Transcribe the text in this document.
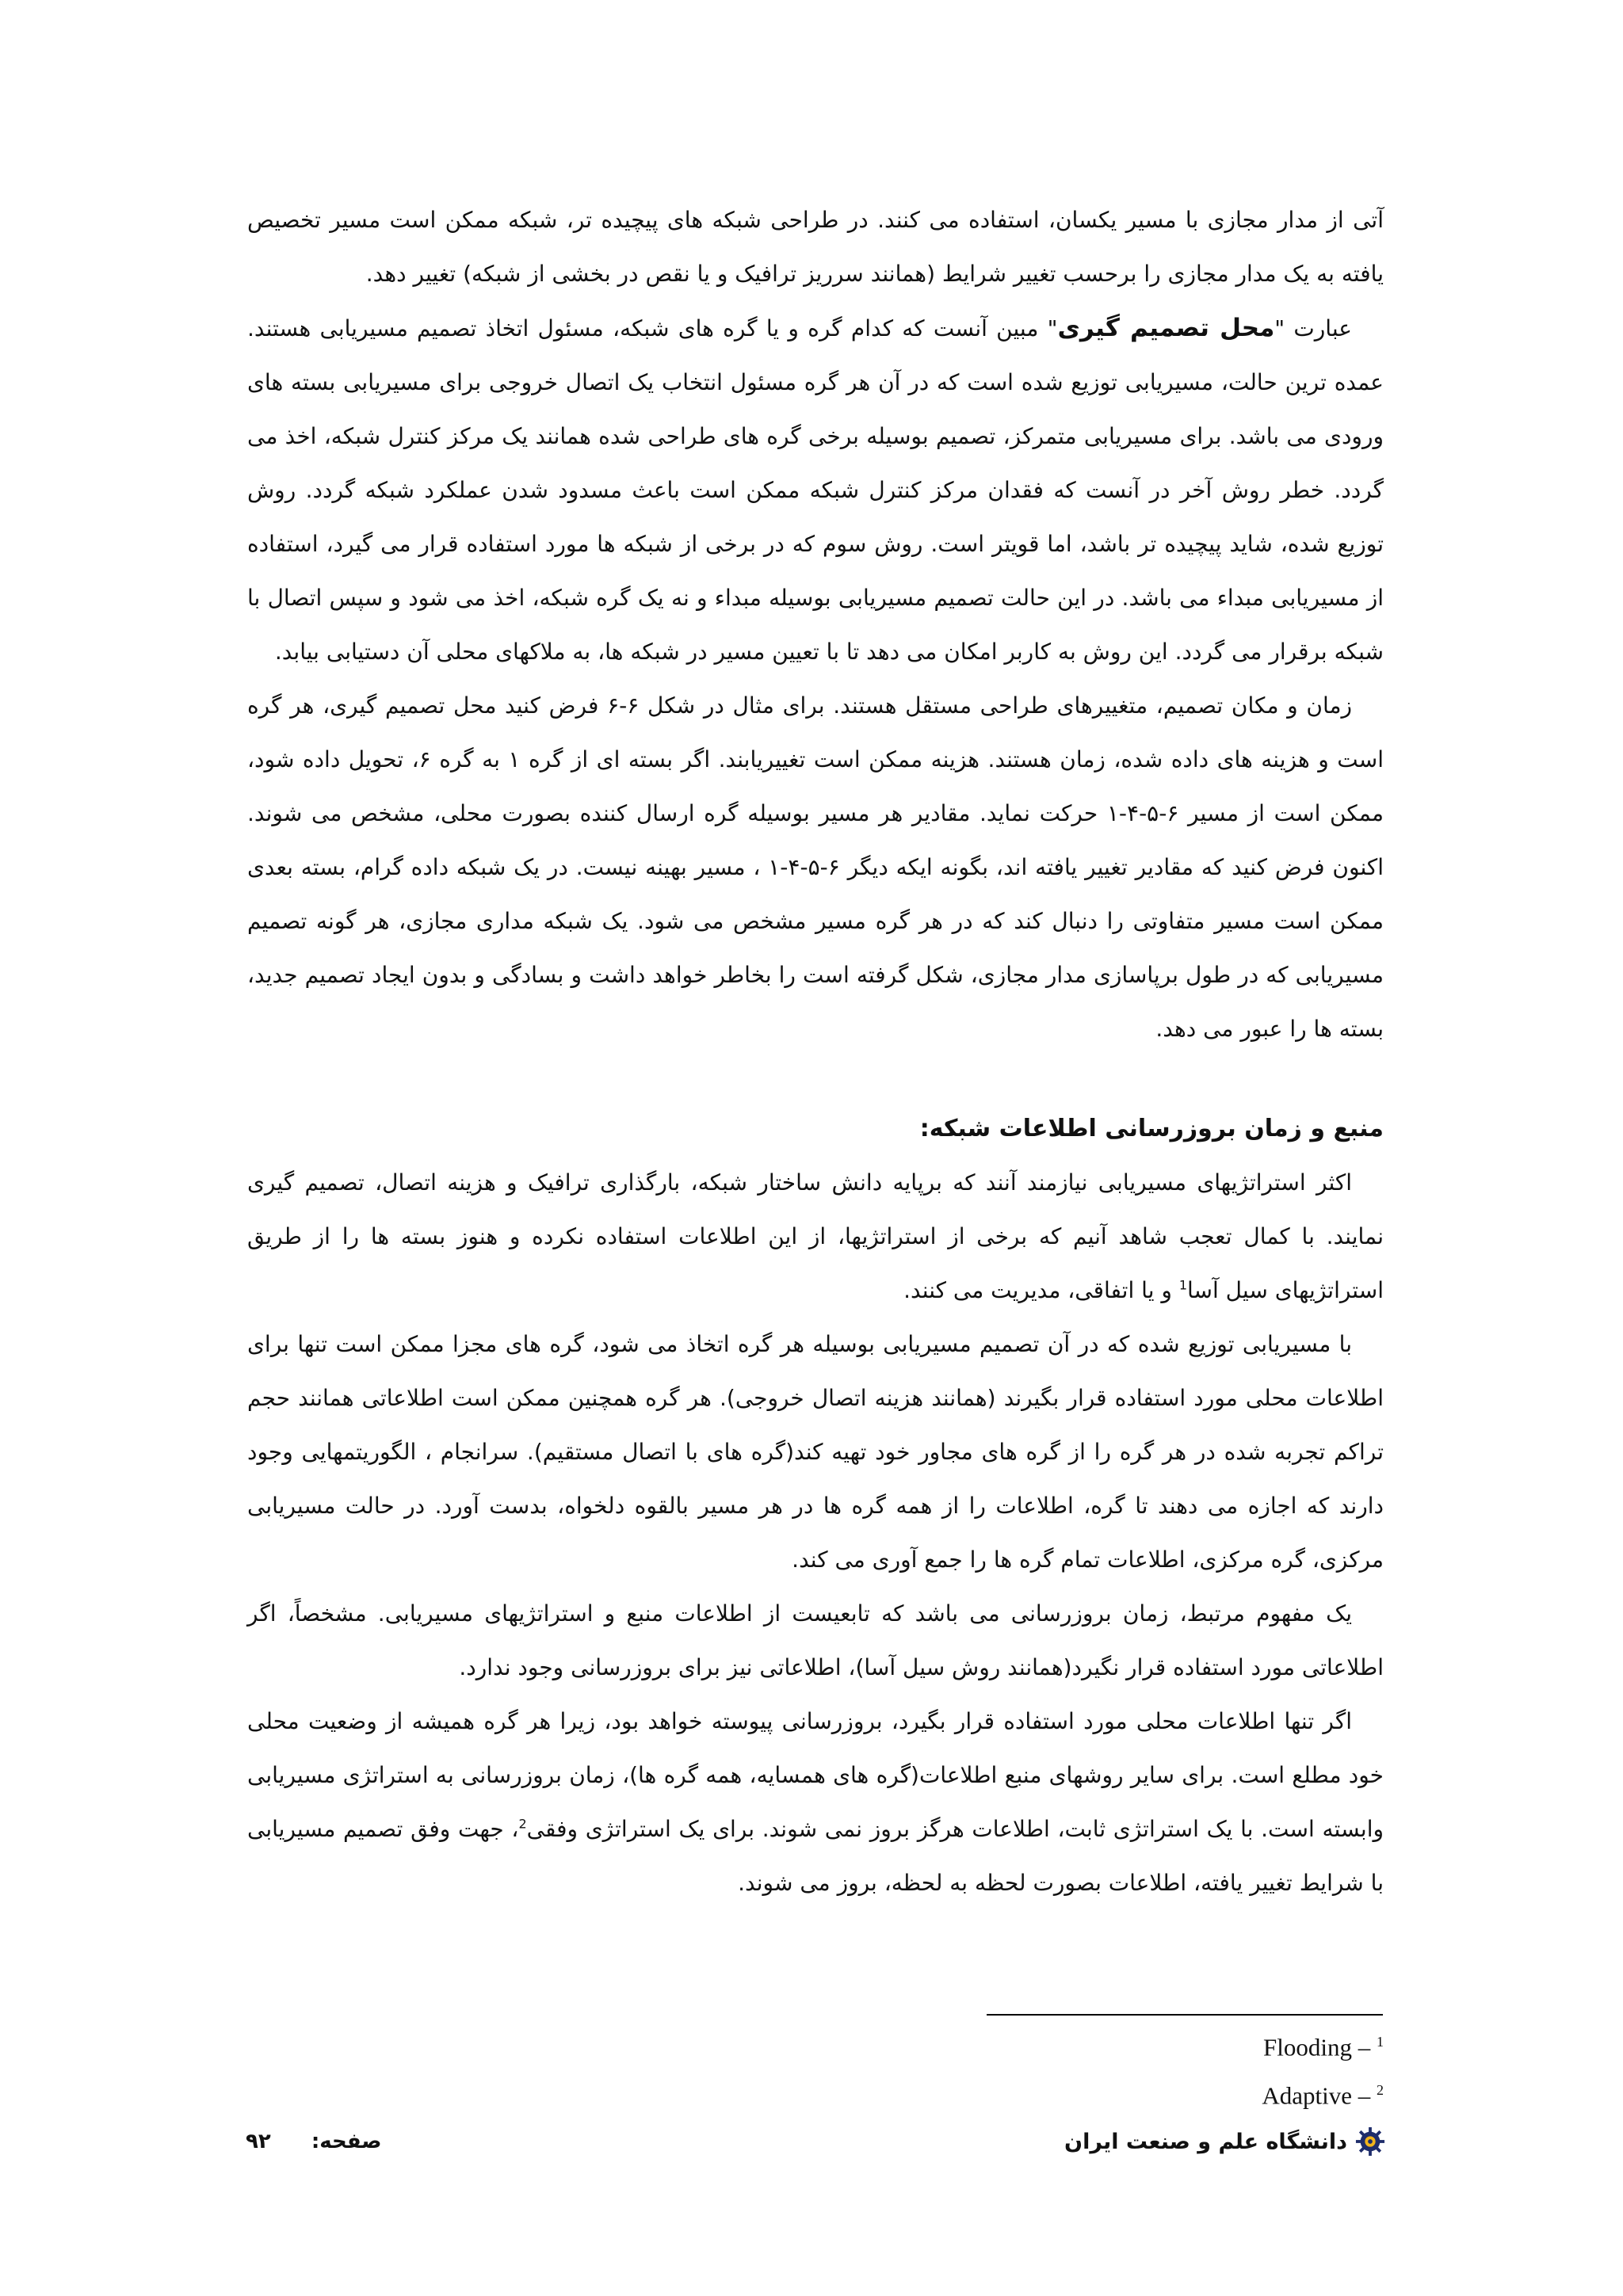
آتی از مدار مجازی با مسیر یکسان، استفاده می کنند. در طراحی شبکه های پیچیده تر، شبکه ممکن است مسیر تخصیص یافته به یک مدار مجازی را برحسب تغییر شرایط (همانند سرریز ترافیک و یا نقص در بخشی از شبکه) تغییر دهد.

عبارت "محل تصمیم گیری" مبین آنست که کدام گره و یا گره های شبکه، مسئول اتخاذ تصمیم مسیریابی هستند. عمده ترین حالت، مسیریابی توزیع شده است که در آن هر گره مسئول انتخاب یک اتصال خروجی برای مسیریابی بسته های ورودی می باشد. برای مسیریابی متمرکز، تصمیم بوسیله برخی گره های طراحی شده همانند یک مرکز کنترل شبکه، اخذ می گردد. خطر روش آخر در آنست که فقدان مرکز کنترل شبکه ممکن است باعث مسدود شدن عملکرد شبکه گردد. روش توزیع شده، شاید پیچیده تر باشد، اما قویتر است. روش سوم که در برخی از شبکه ها مورد استفاده قرار می گیرد، استفاده از مسیریابی مبداء می باشد. در این حالت تصمیم مسیریابی بوسیله مبداء و نه یک گره شبکه، اخذ می شود و سپس اتصال با شبکه برقرار می گردد. این روش به کاربر امکان می دهد تا با تعیین مسیر در شبکه ها، به ملاکهای محلی آن دستیابی بیابد.

زمان و مکان تصمیم، متغییرهای طراحی مستقل هستند. برای مثال در شکل ۶-۶ فرض کنید محل تصمیم گیری، هر گره است و هزینه های داده شده، زمان هستند. هزینه ممکن است تغییریابند. اگر بسته ای از گره ۱ به گره ۶، تحویل داده شود، ممکن است از مسیر ۶-۵-۴-۱ حرکت نماید. مقادیر هر مسیر بوسیله گره ارسال کننده بصورت محلی، مشخص می شوند. اکنون فرض کنید که مقادیر تغییر یافته اند، بگونه ایکه دیگر ۶-۵-۴-۱ ، مسیر بهینه نیست. در یک شبکه داده گرام، بسته بعدی ممکن است مسیر متفاوتی را دنبال کند که در هر گره مسیر مشخص می شود. یک شبکه مداری مجازی، هر گونه تصمیم مسیریابی که در طول برپاسازی مدار مجازی، شکل گرفته است را بخاطر خواهد داشت و بسادگی و بدون ایجاد تصمیم جدید، بسته ها را عبور می دهد.

منبع و زمان بروزرسانی اطلاعات شبکه:

اکثر استراتژیهای مسیریابی نیازمند آنند که برپایه دانش ساختار شبکه، بارگذاری ترافیک و هزینه اتصال، تصمیم گیری نمایند. با کمال تعجب شاهد آنیم که برخی از استراتژیها، از این اطلاعات استفاده نکرده و هنوز بسته ها را از طریق استراتژیهای سیل آسا$^1$ و یا اتفاقی، مدیریت می کنند.

با مسیریابی توزیع شده که در آن تصمیم مسیریابی بوسیله هر گره اتخاذ می شود، گره های مجزا ممکن است تنها برای اطلاعات محلی مورد استفاده قرار بگیرند (همانند هزینه اتصال خروجی). هر گره همچنین ممکن است اطلاعاتی همانند حجم تراکم تجربه شده در هر گره را از گره های مجاور خود تهیه کند(گره های با اتصال مستقیم). سرانجام ، الگوریتمهایی وجود دارند که اجازه می دهند تا گره، اطلاعات را از همه گره ها در هر مسیر بالقوه دلخواه، بدست آورد. در حالت مسیریابی مرکزی، گره مرکزی، اطلاعات تمام گره ها را جمع آوری می کند.

یک مفهوم مرتبط، زمان بروزرسانی می باشد که تابعیست از اطلاعات منبع و استراتژیهای مسیریابی. مشخصاً، اگر اطلاعاتی مورد استفاده قرار نگیرد(همانند روش سیل آسا)، اطلاعاتی نیز برای بروزرسانی وجود ندارد.

اگر تنها اطلاعات محلی مورد استفاده قرار بگیرد، بروزرسانی پیوسته خواهد بود، زیرا هر گره همیشه از وضعیت محلی خود مطلع است. برای سایر روشهای منبع اطلاعات(گره های همسایه، همه گره ها)، زمان بروزرسانی به استراتژی مسیریابی وابسته است. با یک استراتژی ثابت، اطلاعات هرگز بروز نمی شوند. برای یک استراتژی وفقی$^2$، جهت وفق تصمیم مسیریابی با شرایط تغییر یافته، اطلاعات بصورت لحظه به لحظه، بروز می شوند.

Flooding – $^1$
Adaptive – $^2$
صفحه: ۹۲	دانشگاه علم و صنعت ایران
